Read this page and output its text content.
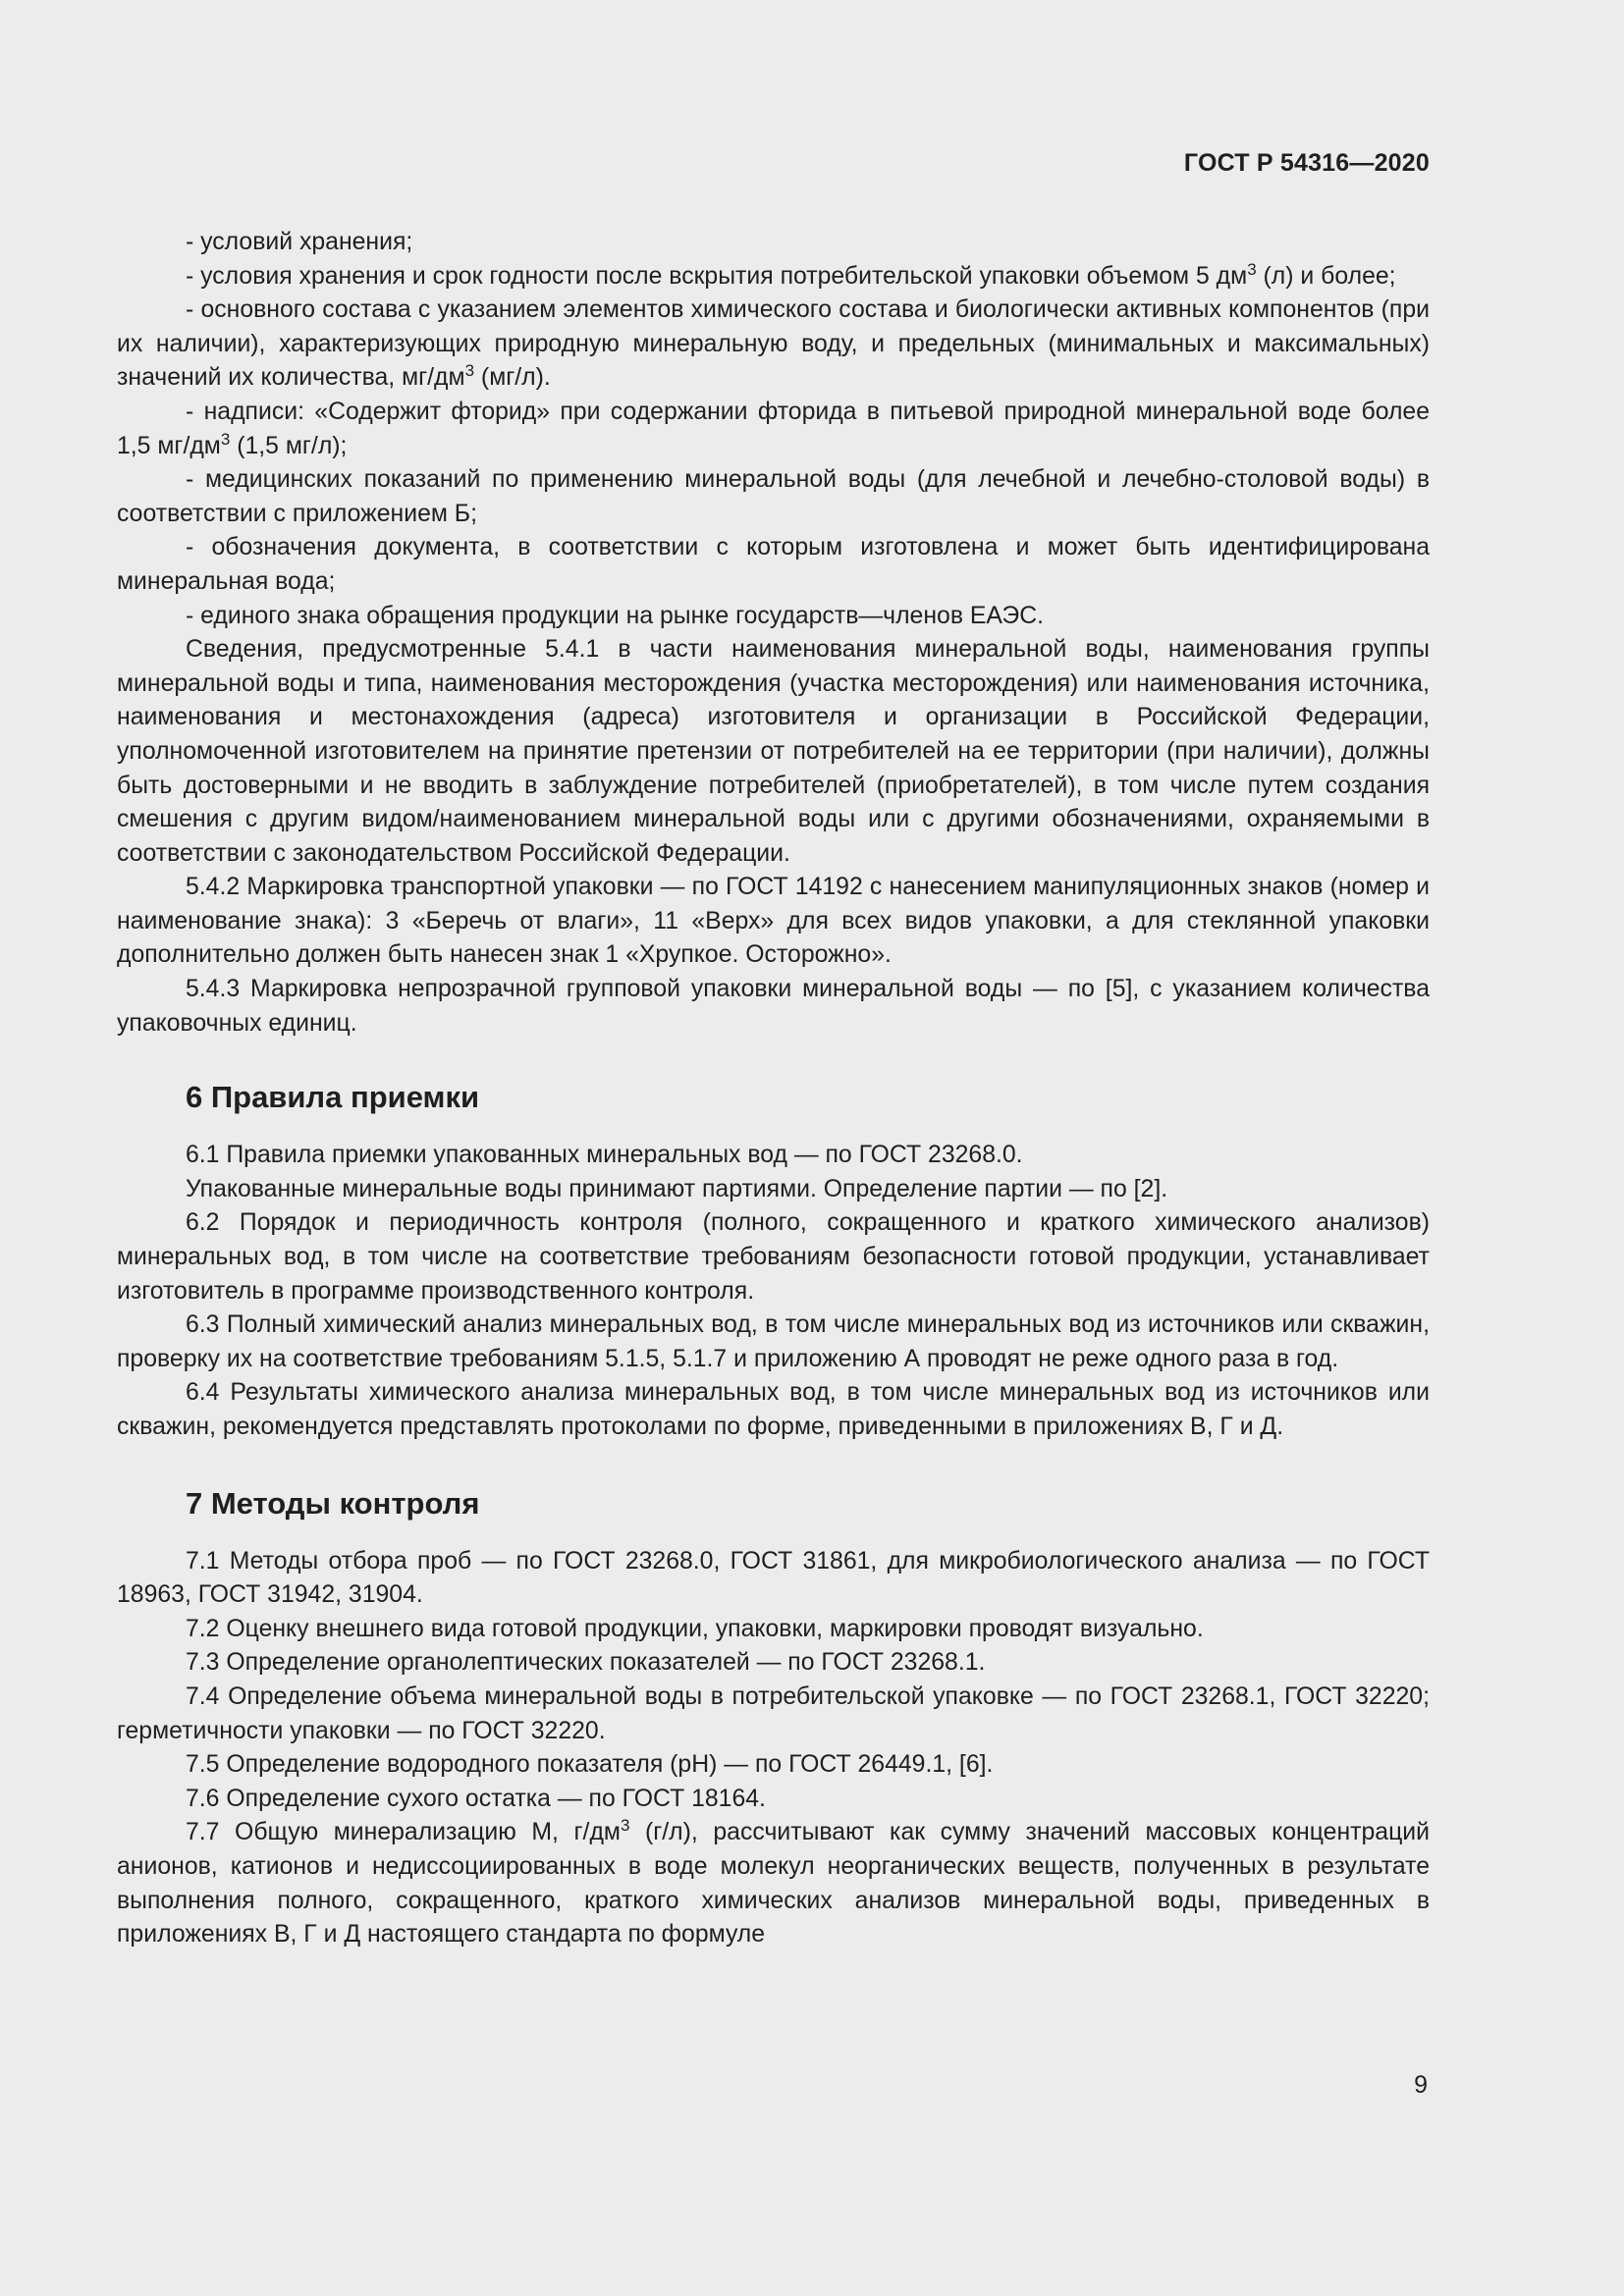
ГОСТ Р 54316—2020

- условий хранения;

- условия хранения и срок годности после вскрытия потребительской упаковки объемом 5 $дм^3$ (л) и более;

- основного состава с указанием элементов химического состава и биологически активных компонентов (при их наличии), характеризующих природную минеральную воду, и предельных (минимальных и максимальных) значений их количества, $мг/дм^3$ (мг/л).

- надписи: «Содержит фторид» при содержании фторида в питьевой природной минеральной воде более 1,5 $мг/дм^3$ (1,5 мг/л);

- медицинских показаний по применению минеральной воды (для лечебной и лечебно-столовой воды) в соответствии с приложением Б;

- обозначения документа, в соответствии с которым изготовлена и может быть идентифицирована минеральная вода;

- единого знака обращения продукции на рынке государств—членов ЕАЭС.

Сведения, предусмотренные 5.4.1 в части наименования минеральной воды, наименования группы минеральной воды и типа, наименования месторождения (участка месторождения) или наименования источника, наименования и местонахождения (адреса) изготовителя и организации в Российской Федерации, уполномоченной изготовителем на принятие претензии от потребителей на ее территории (при наличии), должны быть достоверными и не вводить в заблуждение потребителей (приобретателей), в том числе путем создания смешения с другим видом/наименованием минеральной воды или с другими обозначениями, охраняемыми в соответствии с законодательством Российской Федерации.

5.4.2 Маркировка транспортной упаковки — по ГОСТ 14192 с нанесением манипуляционных знаков (номер и наименование знака): 3 «Беречь от влаги», 11 «Верх» для всех видов упаковки, а для стеклянной упаковки дополнительно должен быть нанесен знак 1 «Хрупкое. Осторожно».

5.4.3 Маркировка непрозрачной групповой упаковки минеральной воды — по [5], с указанием количества упаковочных единиц.

6 Правила приемки

6.1 Правила приемки упакованных минеральных вод — по ГОСТ 23268.0.

Упакованные минеральные воды принимают партиями. Определение партии — по [2].

6.2 Порядок и периодичность контроля (полного, сокращенного и краткого химического анализов) минеральных вод, в том числе на соответствие требованиям безопасности готовой продукции, устанавливает изготовитель в программе производственного контроля.

6.3 Полный химический анализ минеральных вод, в том числе минеральных вод из источников или скважин, проверку их на соответствие требованиям 5.1.5, 5.1.7 и приложению А проводят не реже одного раза в год.

6.4 Результаты химического анализа минеральных вод, в том числе минеральных вод из источников или скважин, рекомендуется представлять протоколами по форме, приведенными в приложениях В, Г и Д.

7 Методы контроля

7.1 Методы отбора проб — по ГОСТ 23268.0, ГОСТ 31861, для микробиологического анализа — по ГОСТ 18963, ГОСТ 31942, 31904.

7.2 Оценку внешнего вида готовой продукции, упаковки, маркировки проводят визуально.

7.3 Определение органолептических показателей — по ГОСТ 23268.1.

7.4 Определение объема минеральной воды в потребительской упаковке — по ГОСТ 23268.1, ГОСТ 32220; герметичности упаковки — по ГОСТ 32220.

7.5 Определение водородного показателя (pH) — по ГОСТ 26449.1, [6].

7.6 Определение сухого остатка — по ГОСТ 18164.

7.7 Общую минерализацию М, $г/дм^3$ (г/л), рассчитывают как сумму значений массовых концентраций анионов, катионов и недиссоциированных в воде молекул неорганических веществ, полученных в результате выполнения полного, сокращенного, краткого химических анализов минеральной воды, приведенных в приложениях В, Г и Д настоящего стандарта по формуле

9
